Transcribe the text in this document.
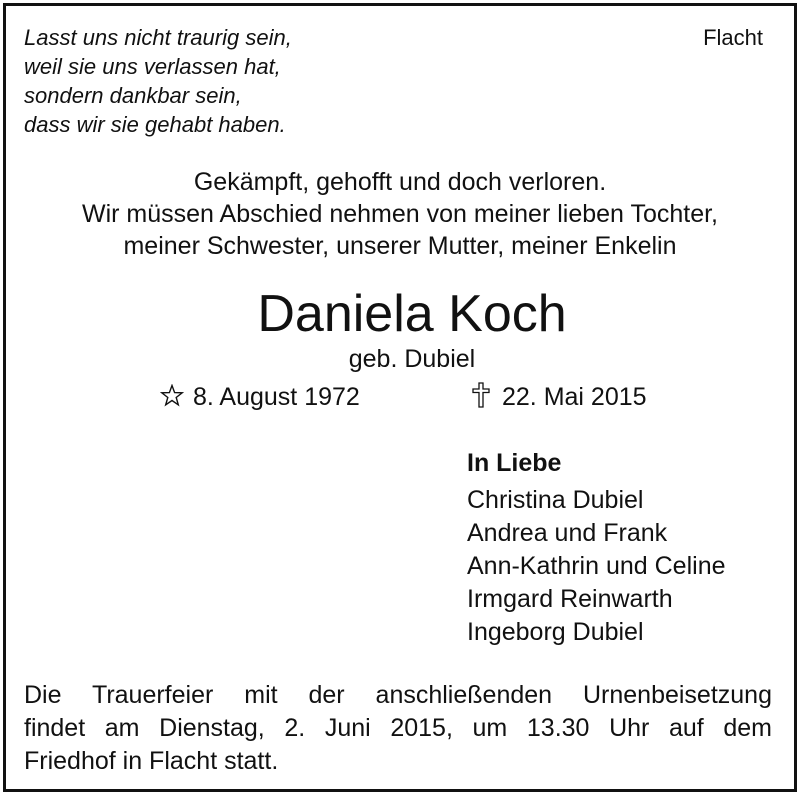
Lasst uns nicht traurig sein,
weil sie uns verlassen hat,
sondern dankbar sein,
dass wir sie gehabt haben.
Flacht
Gekämpft, gehofft und doch verloren.
Wir müssen Abschied nehmen von meiner lieben Tochter,
meiner Schwester, unserer Mutter, meiner Enkelin
Daniela Koch
geb. Dubiel
8. August 1972	22. Mai 2015
In Liebe
Christina Dubiel
Andrea und Frank
Ann-Kathrin und Celine
Irmgard Reinwarth
Ingeborg Dubiel
Die Trauerfeier mit der anschließenden Urnenbeisetzung
findet am Dienstag, 2. Juni 2015, um 13.30 Uhr auf dem
Friedhof in Flacht statt.
